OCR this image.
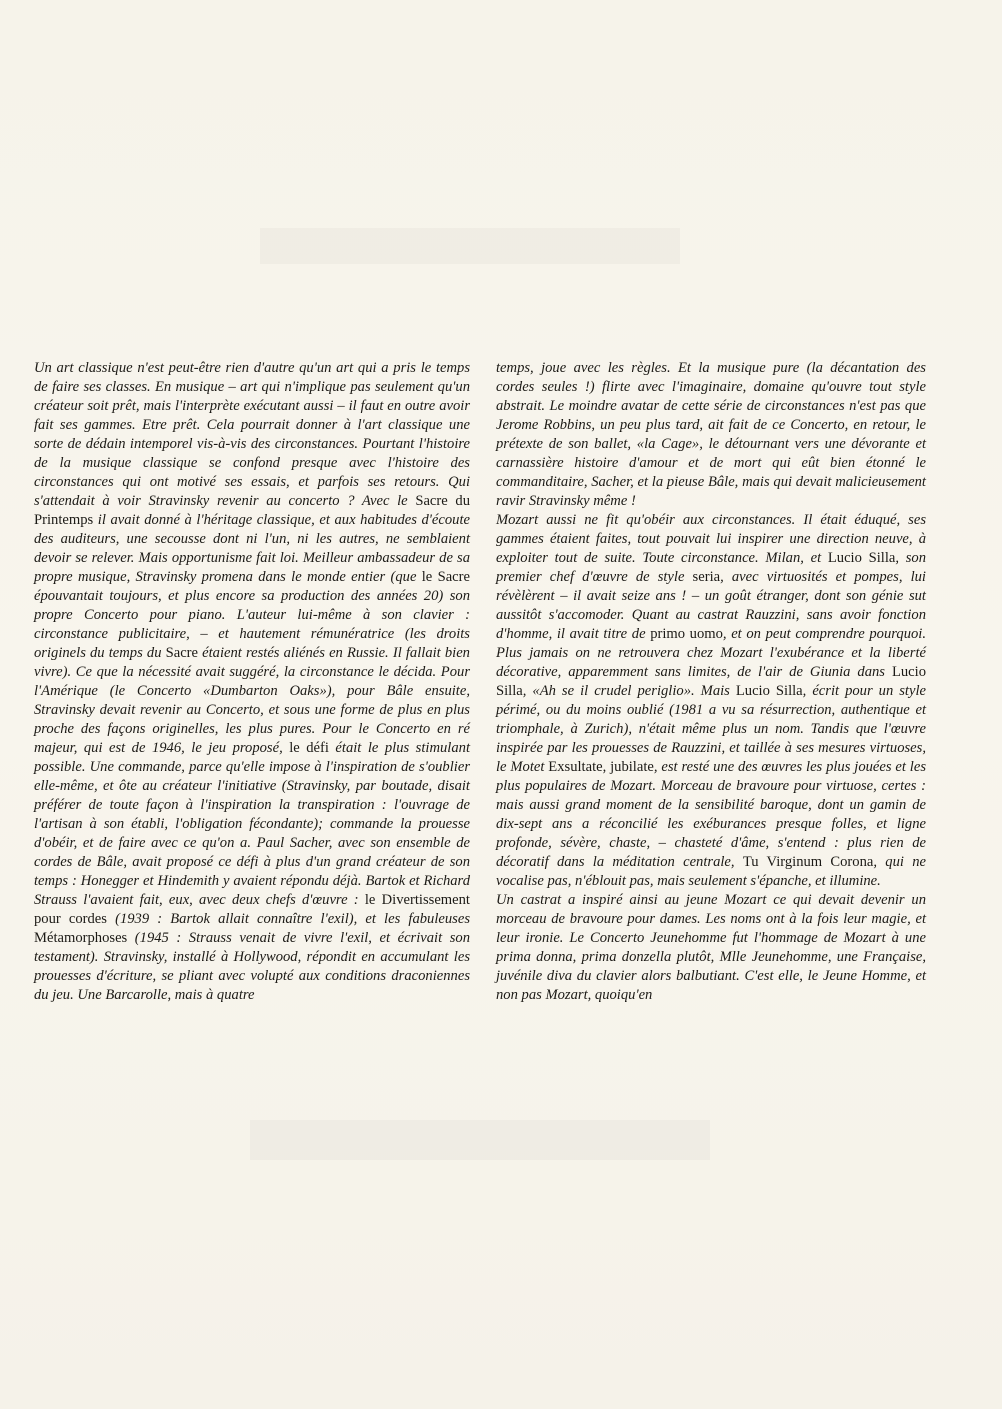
Un art classique n'est peut-être rien d'autre qu'un art qui a pris le temps de faire ses classes. En musique – art qui n'implique pas seulement qu'un créateur soit prêt, mais l'interprète exécutant aussi – il faut en outre avoir fait ses gammes. Etre prêt. Cela pourrait donner à l'art classique une sorte de dédain intemporel vis-à-vis des circonstances. Pourtant l'histoire de la musique classique se confond presque avec l'histoire des circonstances qui ont motivé ses essais, et parfois ses retours. Qui s'attendait à voir Stravinsky revenir au concerto ? Avec le Sacre du Printemps il avait donné à l'héritage classique, et aux habitudes d'écoute des auditeurs, une secousse dont ni l'un, ni les autres, ne semblaient devoir se relever. Mais opportunisme fait loi. Meilleur ambassadeur de sa propre musique, Stravinsky promena dans le monde entier (que le Sacre épouvantait toujours, et plus encore sa production des années 20) son propre Concerto pour piano. L'auteur lui-même à son clavier : circonstance publicitaire, – et hautement rémunératrice (les droits originels du temps du Sacre étaient restés aliénés en Russie. Il fallait bien vivre). Ce que la nécessité avait suggéré, la circonstance le décida. Pour l'Amérique (le Concerto «Dumbarton Oaks»), pour Bâle ensuite, Stravinsky devait revenir au Concerto, et sous une forme de plus en plus proche des façons originelles, les plus pures. Pour le Concerto en ré majeur, qui est de 1946, le jeu proposé, le défi était le plus stimulant possible. Une commande, parce qu'elle impose à l'inspiration de s'oublier elle-même, et ôte au créateur l'initiative (Stravinsky, par boutade, disait préférer de toute façon à l'inspiration la transpiration : l'ouvrage de l'artisan à son établi, l'obligation fécondante); commande la prouesse d'obéir, et de faire avec ce qu'on a. Paul Sacher, avec son ensemble de cordes de Bâle, avait proposé ce défi à plus d'un grand créateur de son temps : Honegger et Hindemith y avaient répondu déjà. Bartok et Richard Strauss l'avaient fait, eux, avec deux chefs d'œuvre : le Divertissement pour cordes (1939 : Bartok allait connaître l'exil), et les fabuleuses Métamorphoses (1945 : Strauss venait de vivre l'exil, et écrivait son testament). Stravinsky, installé à Hollywood, répondit en accumulant les prouesses d'écriture, se pliant avec volupté aux conditions draconiennes du jeu. Une Barcarolle, mais à quatre

temps, joue avec les règles. Et la musique pure (la décantation des cordes seules !) flirte avec l'imaginaire, domaine qu'ouvre tout style abstrait. Le moindre avatar de cette série de circonstances n'est pas que Jerome Robbins, un peu plus tard, ait fait de ce Concerto, en retour, le prétexte de son ballet, «la Cage», le détournant vers une dévorante et carnassière histoire d'amour et de mort qui eût bien étonné le commanditaire, Sacher, et la pieuse Bâle, mais qui devait malicieusement ravir Stravinsky même !

Mozart aussi ne fit qu'obéir aux circonstances. Il était éduqué, ses gammes étaient faites, tout pouvait lui inspirer une direction neuve, à exploiter tout de suite. Toute circonstance. Milan, et Lucio Silla, son premier chef d'œuvre de style seria, avec virtuosités et pompes, lui révèlèrent – il avait seize ans ! – un goût étranger, dont son génie sut aussitôt s'accomoder. Quant au castrat Rauzzini, sans avoir fonction d'homme, il avait titre de primo uomo, et on peut comprendre pourquoi. Plus jamais on ne retrouvera chez Mozart l'exubérance et la liberté décorative, apparemment sans limites, de l'air de Giunia dans Lucio Silla, «Ah se il crudel periglio». Mais Lucio Silla, écrit pour un style périmé, ou du moins oublié (1981 a vu sa résurrection, authentique et triomphale, à Zurich), n'était même plus un nom. Tandis que l'œuvre inspirée par les prouesses de Rauzzini, et taillée à ses mesures virtuoses, le Motet Exsultate, jubilate, est resté une des œuvres les plus jouées et les plus populaires de Mozart. Morceau de bravoure pour virtuose, certes : mais aussi grand moment de la sensibilité baroque, dont un gamin de dix-sept ans a réconcilié les exéburances presque folles, et ligne profonde, sévère, chaste, – chasteté d'âme, s'entend : plus rien de décoratif dans la méditation centrale, Tu Virginum Corona, qui ne vocalise pas, n'éblouit pas, mais seulement s'épanche, et illumine.

Un castrat a inspiré ainsi au jeune Mozart ce qui devait devenir un morceau de bravoure pour dames. Les noms ont à la fois leur magie, et leur ironie. Le Concerto Jeunehomme fut l'hommage de Mozart à une prima donna, prima donzella plutôt, Mlle Jeunehomme, une Française, juvénile diva du clavier alors balbutiant. C'est elle, le Jeune Homme, et non pas Mozart, quoiqu'en
